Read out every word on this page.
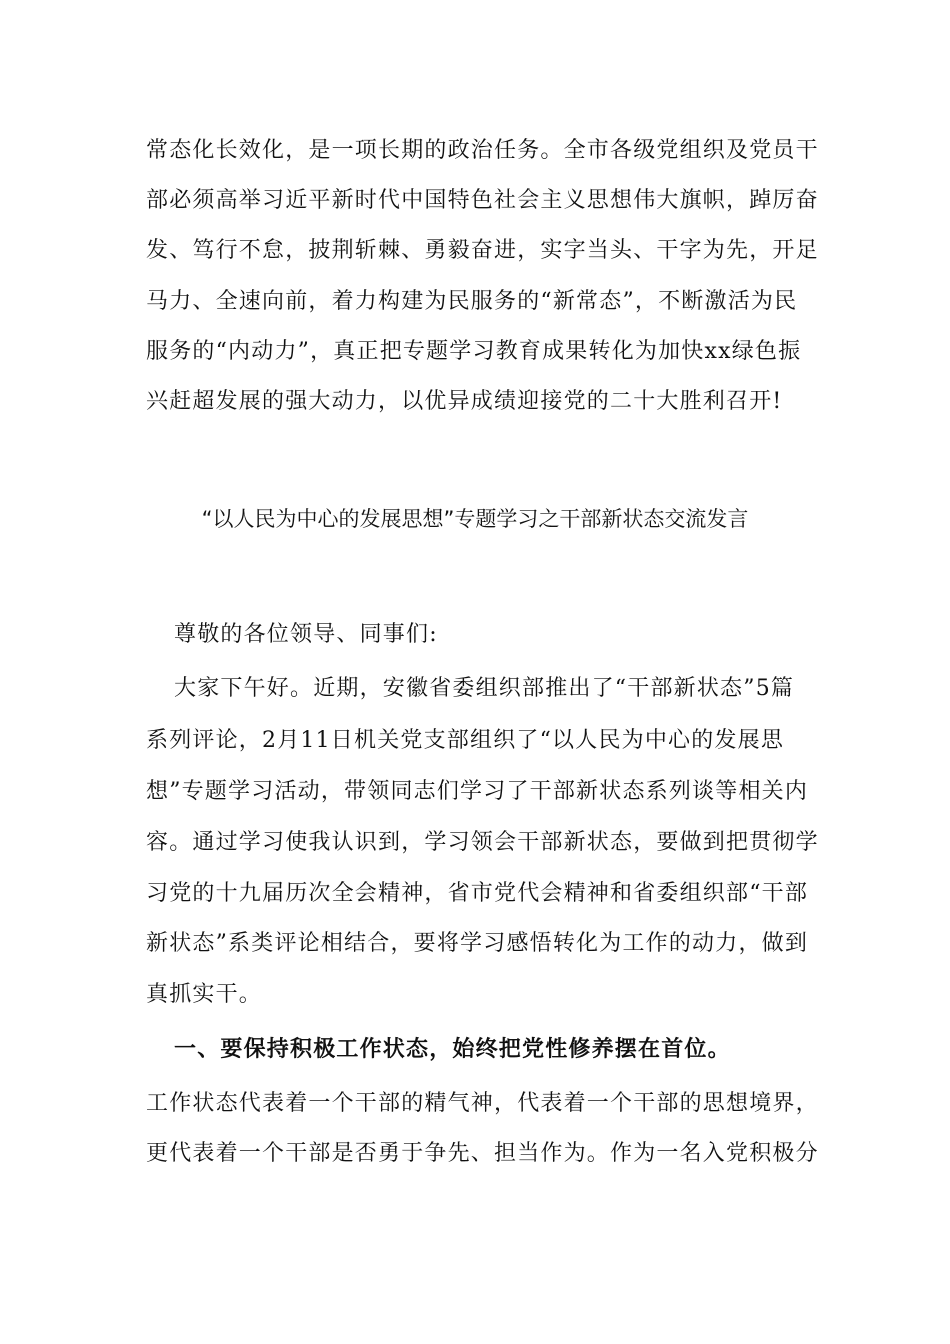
常态化长效化，是一项长期的政治任务。全市各级党组织及党员干
部必须高举习近平新时代中国特色社会主义思想伟大旗帜，踔厉奋
发、笃行不怠，披荆斩棘、勇毅奋进，实字当头、干字为先，开足
马力、全速向前，着力构建为民服务的“新常态”，不断激活为民
服务的“内动力”，真正把专题学习教育成果转化为加快xx绿色振
兴赶超发展的强大动力，以优异成绩迎接党的二十大胜利召开!
“以人民为中心的发展思想”专题学习之干部新状态交流发言
尊敬的各位领导、同事们:
大家下午好。近期，安徽省委组织部推出了“干部新状态”5篇
系列评论，2月11日机关党支部组织了“以人民为中心的发展思
想”专题学习活动，带领同志们学习了干部新状态系列谈等相关内
容。通过学习使我认识到，学习领会干部新状态，要做到把贯彻学
习党的十九届历次全会精神，省市党代会精神和省委组织部“干部
新状态”系类评论相结合，要将学习感悟转化为工作的动力，做到
真抓实干。
一、要保持积极工作状态，始终把党性修养摆在首位。
工作状态代表着一个干部的精气神，代表着一个干部的思想境界，
更代表着一个干部是否勇于争先、担当作为。作为一名入党积极分
